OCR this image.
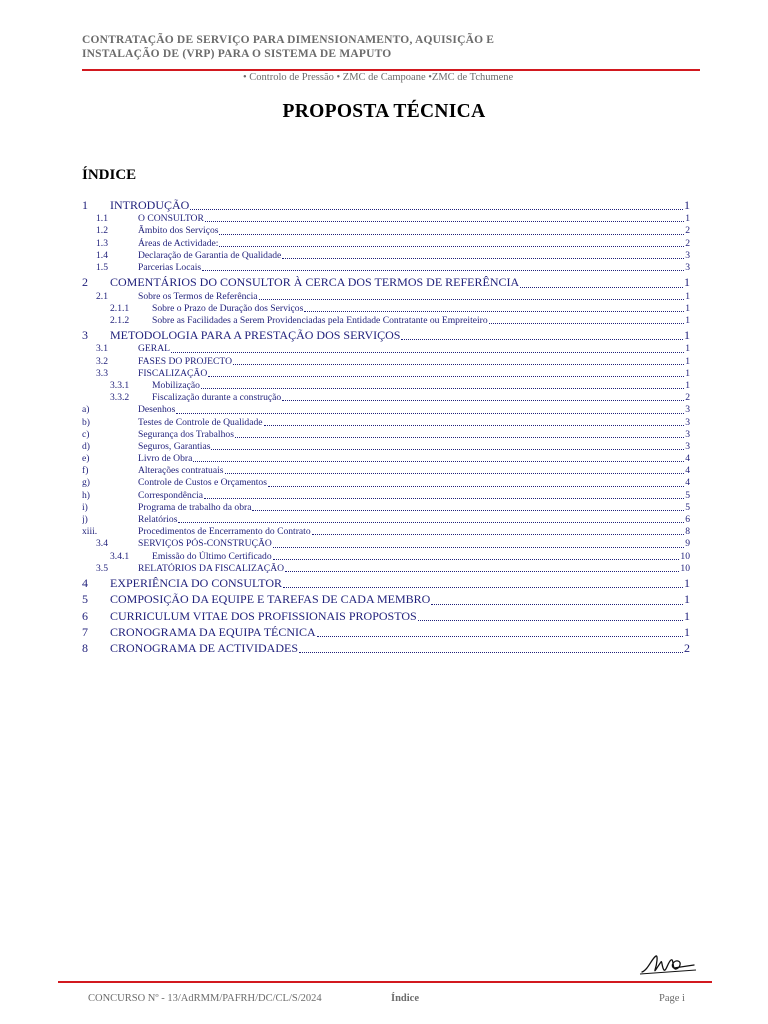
CONTRATAÇÃO DE SERVIÇO PARA DIMENSIONAMENTO, AQUISIÇÃO E
INSTALAÇÃO DE (VRP) PARA O SISTEMA DE MAPUTO
• Controlo de Pressão • ZMC de Campoane •ZMC de Tchumene
PROPOSTA TÉCNICA
ÍNDICE
1	INTRODUÇÃO	1
1.1	O CONSULTOR	1
1.2	Âmbito dos Serviços	2
1.3	Áreas de Actividade:	2
1.4	Declaração de Garantia de Qualidade	3
1.5	Parcerias Locais	3
2	COMENTÁRIOS DO CONSULTOR À CERCA DOS TERMOS DE REFERÊNCIA	1
2.1	Sobre os Termos de Referência	1
2.1.1	Sobre o Prazo de Duração dos Serviços	1
2.1.2	Sobre as Facilidades a Serem Providenciadas pela Entidade Contratante ou Empreiteiro	1
3	METODOLOGIA PARA A PRESTAÇÃO DOS SERVIÇOS	1
3.1	GERAL	1
3.2	FASES DO PROJECTO	1
3.3	FISCALIZAÇÃO	1
3.3.1	Mobilização	1
3.3.2	Fiscalização durante a construção	2
a)	Desenhos	3
b)	Testes de Controle de Qualidade	3
c)	Segurança dos Trabalhos	3
d)	Seguros, Garantias	3
e)	Livro de Obra	4
f)	Alterações contratuais	4
g)	Controle de Custos e Orçamentos	4
h)	Correspondência	5
i)	Programa de trabalho da obra	5
j)	Relatórios	6
xiii.	Procedimentos de Encerramento do Contrato	8
3.4	SERVIÇOS PÓS-CONSTRUÇÃO	9
3.4.1	Emissão do Último Certificado	10
3.5	RELATÓRIOS DA FISCALIZAÇÃO	10
4	EXPERIÊNCIA DO CONSULTOR	1
5	COMPOSIÇÃO DA EQUIPE E TAREFAS DE CADA MEMBRO	1
6	CURRICULUM VITAE DOS PROFISSIONAIS PROPOSTOS	1
7	CRONOGRAMA DA EQUIPA TÉCNICA	1
8	CRONOGRAMA DE ACTIVIDADES	2
CONCURSO Nº - 13/AdRMM/PAFRH/DC/CL/S/2024	Índice	Page i
